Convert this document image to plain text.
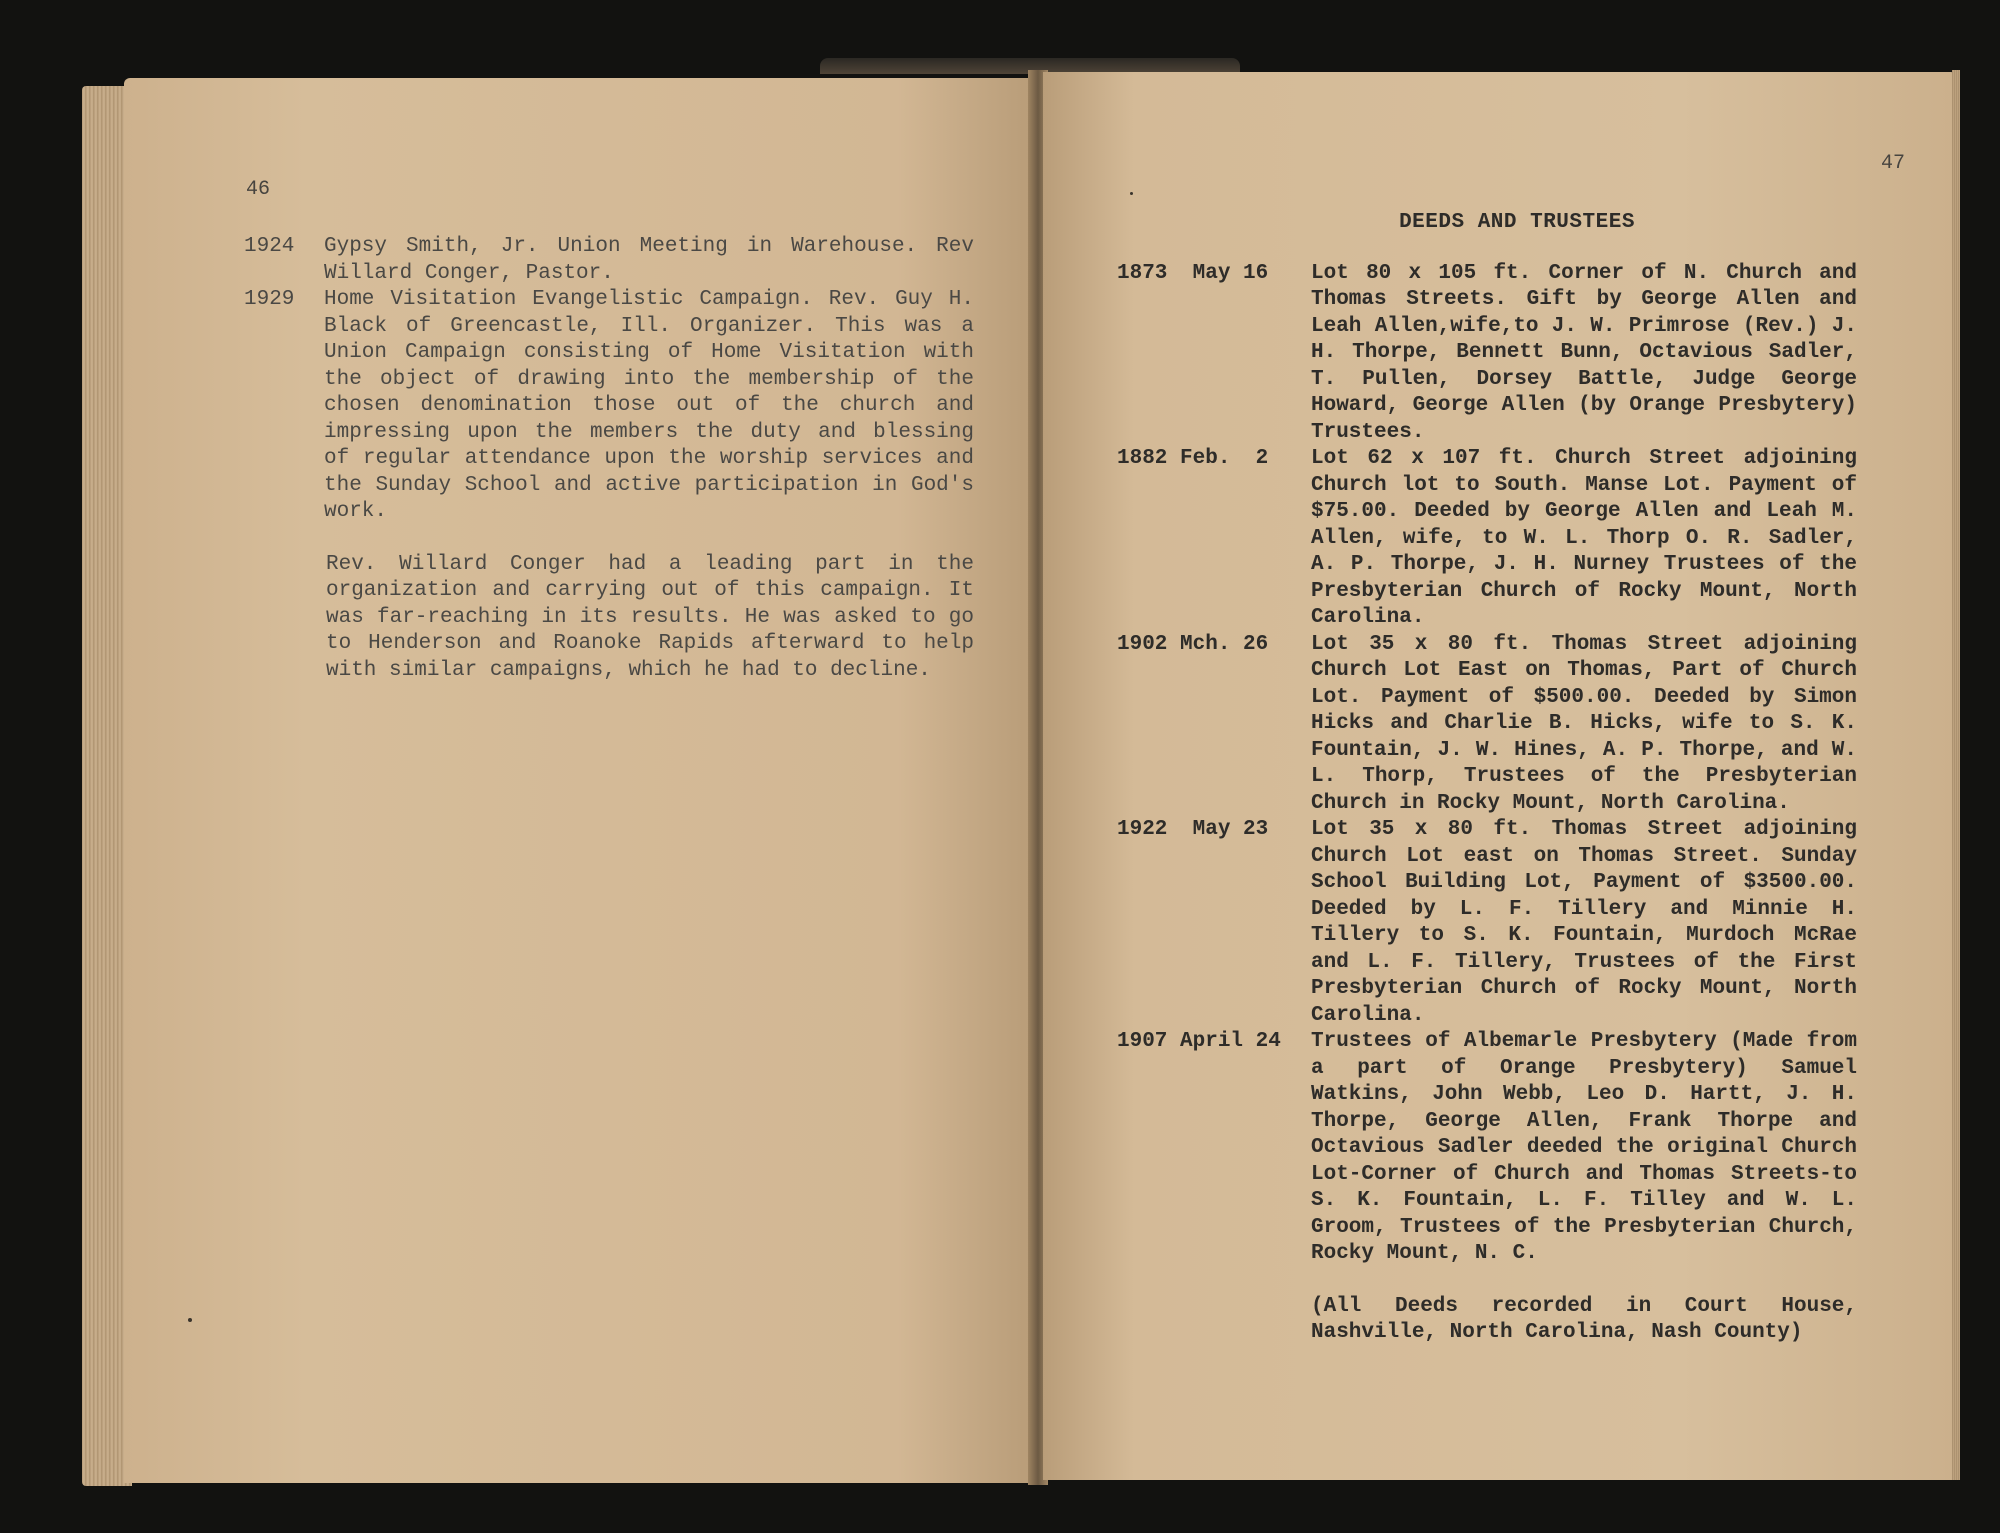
46
1924	Gypsy Smith, Jr. Union Meeting in Warehouse. Rev Willard Conger, Pastor.
1929	Home Visitation Evangelistic Campaign. Rev. Guy H. Black of Greencastle, Ill. Organizer. This was a Union Campaign consisting of Home Visitation with the object of drawing into the membership of the chosen denomination those out of the church and impressing upon the members the duty and blessing of regular attendance upon the worship services and the Sunday School and active participation in God's work.
Rev. Willard Conger had a leading part in the organization and carrying out of this campaign. It was far-reaching in its results. He was asked to go to Henderson and Roanoke Rapids afterward to help with similar campaigns, which he had to decline.
47
DEEDS AND TRUSTEES
1873  May 16	Lot 80 x 105 ft. Corner of N. Church and Thomas Streets. Gift by George Allen and Leah Allen,wife,to J. W. Primrose (Rev.) J. H. Thorpe, Bennett Bunn, Octavious Sadler, T. Pullen, Dorsey Battle, Judge George Howard, George Allen (by Orange Presbytery) Trustees.
1882 Feb.  2	Lot 62 x 107 ft. Church Street adjoining Church lot to South. Manse Lot. Payment of $75.00. Deeded by George Allen and Leah M. Allen, wife, to W. L. Thorp O. R. Sadler, A. P. Thorpe, J. H. Nurney Trustees of the Presbyterian Church of Rocky Mount, North Carolina.
1902 Mch. 26	Lot 35 x 80 ft. Thomas Street adjoining Church Lot East on Thomas, Part of Church Lot. Payment of $500.00. Deeded by Simon Hicks and Charlie B. Hicks, wife to S. K. Fountain, J. W. Hines, A. P. Thorpe, and W. L. Thorp, Trustees of the Presbyterian Church in Rocky Mount, North Carolina.
1922  May 23	Lot 35 x 80 ft. Thomas Street adjoining Church Lot east on Thomas Street. Sunday School Building Lot, Payment of $3500.00. Deeded by L. F. Tillery and Minnie H. Tillery to S. K. Fountain, Murdoch McRae and L. F. Tillery, Trustees of the First Presbyterian Church of Rocky Mount, North Carolina.
1907 April 24	Trustees of Albemarle Presbytery (Made from a part of Orange Presbytery) Samuel Watkins, John Webb, Leo D. Hartt, J. H. Thorpe, George Allen, Frank Thorpe and Octavious Sadler deeded the original Church Lot-Corner of Church and Thomas Streets-to S. K. Fountain, L. F. Tilley and W. L. Groom, Trustees of the Presbyterian Church, Rocky Mount, N. C.
(All Deeds recorded in Court House, Nashville, North Carolina, Nash County)
